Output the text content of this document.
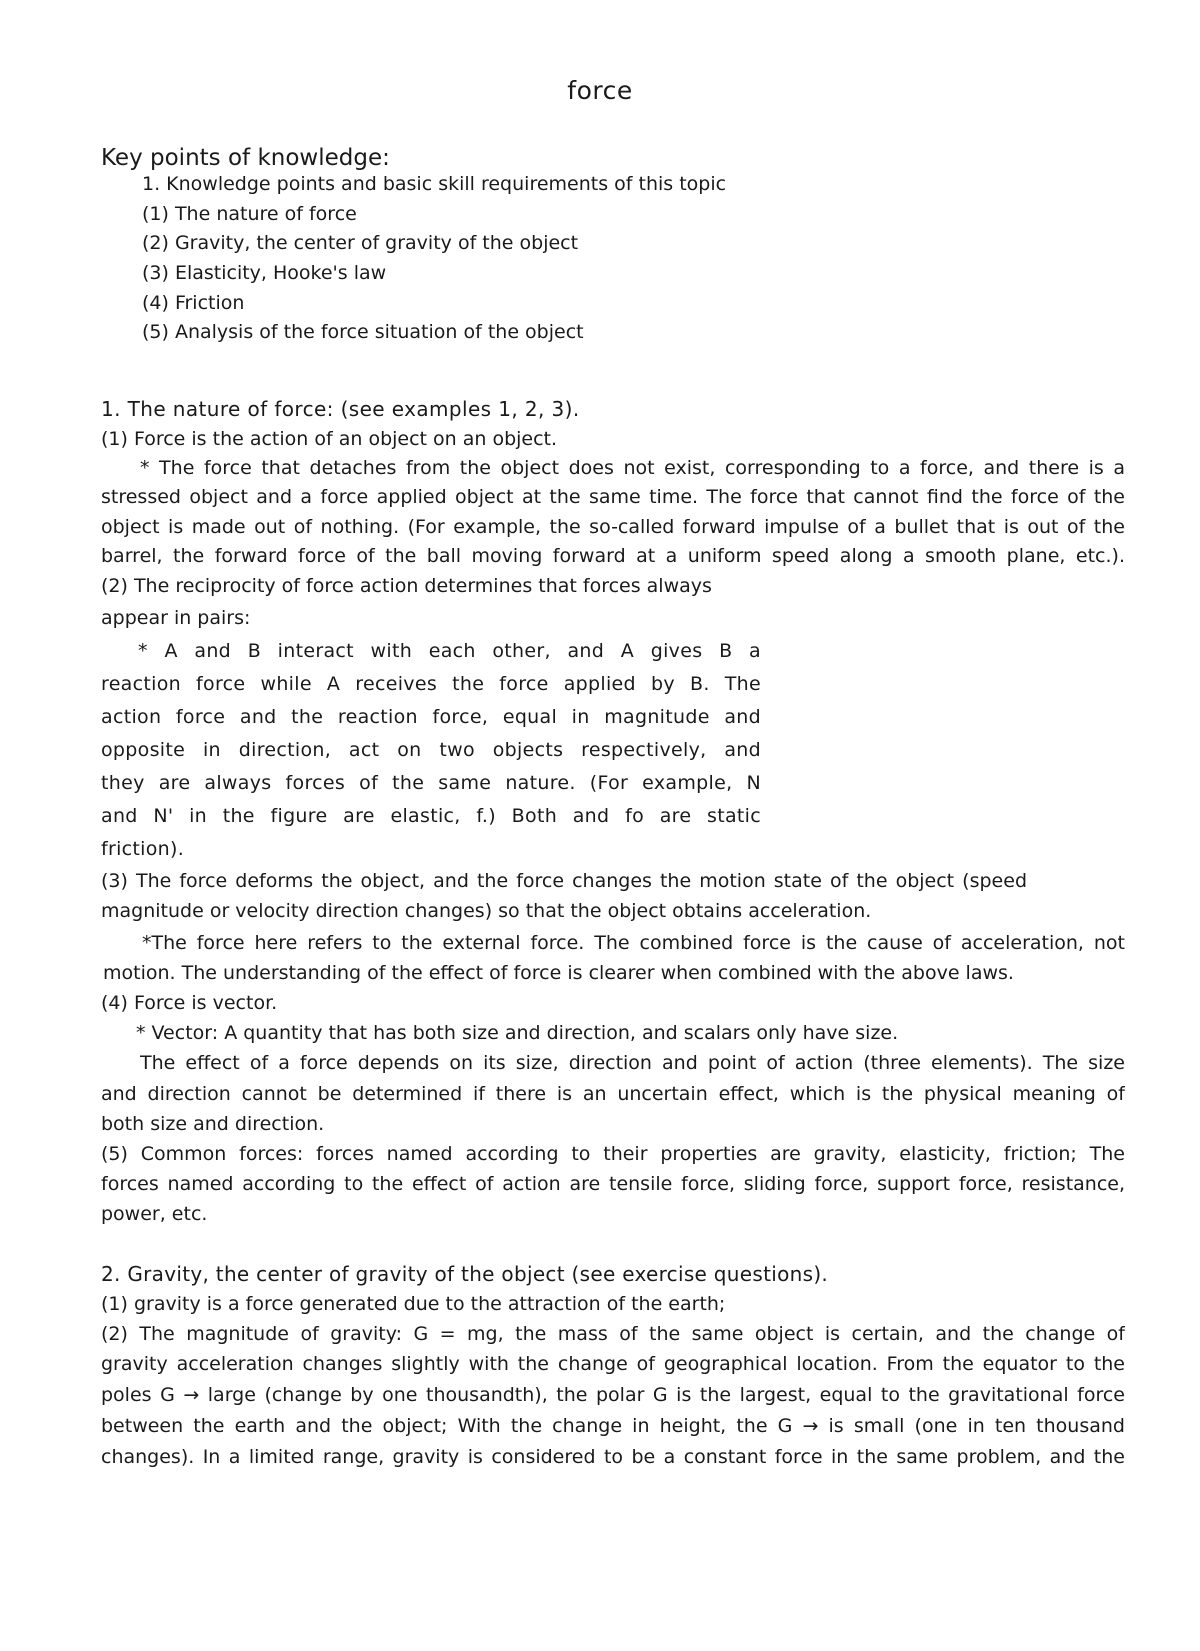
force
Key points of knowledge:
1. Knowledge points and basic skill requirements of this topic
(1) The nature of force
(2) Gravity, the center of gravity of the object
(3) Elasticity, Hooke's law
(4) Friction
(5) Analysis of the force situation of the object
1. The nature of force: (see examples 1, 2, 3).
(1) Force is the action of an object on an object.
* The force that detaches from the object does not exist, corresponding to a force, and there is a
stressed object and a force applied object at the same time. The force that cannot find the force of the
object is made out of nothing. (For example, the so-called forward impulse of a bullet that is out of the
barrel, the forward force of the ball moving forward at a uniform speed along a smooth plane, etc.).
(2) The reciprocity of force action determines that forces always
appear in pairs:
* A and B interact with each other, and A gives B a
reaction force while A receives the force applied by B. The
action force and the reaction force, equal in magnitude and
opposite in direction, act on two objects respectively, and
they are always forces of the same nature. (For example, N
and N' in the figure are elastic, f.) Both and fo are static
friction).
(3) The force deforms the object, and the force changes the motion state of the object (speed
magnitude or velocity direction changes) so that the object obtains acceleration.
*The force here refers to the external force. The combined force is the cause of acceleration, not
motion. The understanding of the effect of force is clearer when combined with the above laws.
(4) Force is vector.
* Vector: A quantity that has both size and direction, and scalars only have size.
The effect of a force depends on its size, direction and point of action (three elements). The size
and direction cannot be determined if there is an uncertain effect, which is the physical meaning of
both size and direction.
(5) Common forces: forces named according to their properties are gravity, elasticity, friction; The
forces named according to the effect of action are tensile force, sliding force, support force, resistance,
power, etc.
2. Gravity, the center of gravity of the object (see exercise questions).
(1) gravity is a force generated due to the attraction of the earth;
(2) The magnitude of gravity: G = mg, the mass of the same object is certain, and the change of
gravity acceleration changes slightly with the change of geographical location. From the equator to the
poles G → large (change by one thousandth), the polar G is the largest, equal to the gravitational force
between the earth and the object; With the change in height, the G → is small (one in ten thousand
changes). In a limited range, gravity is considered to be a constant force in the same problem, and the
